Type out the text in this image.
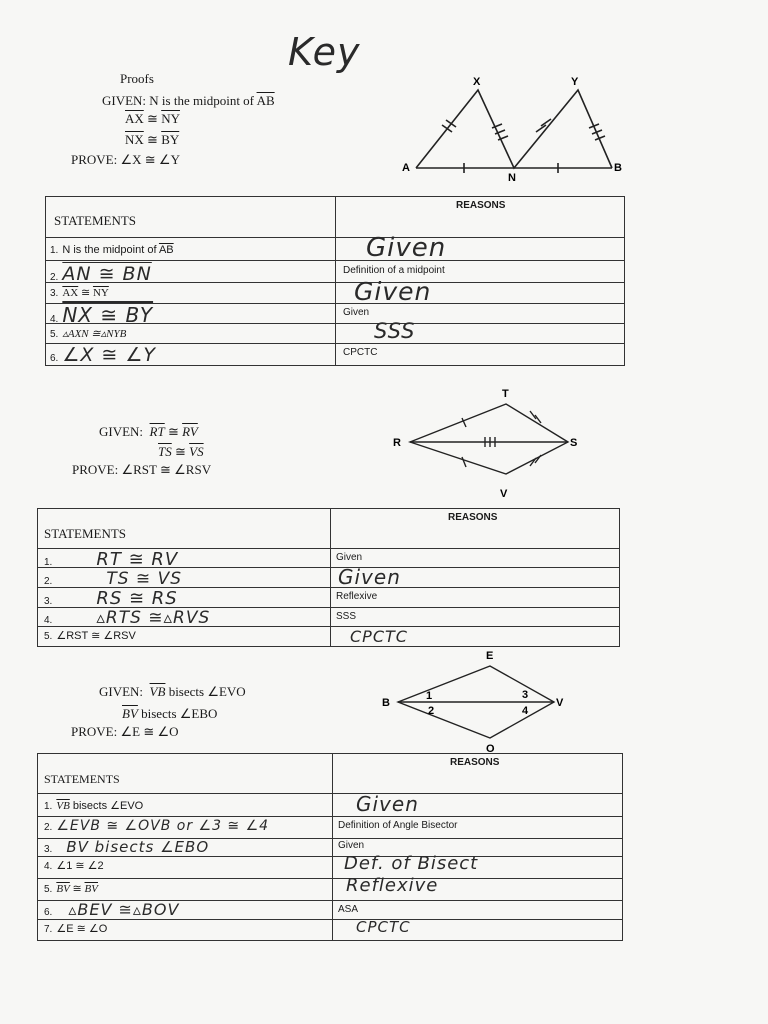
Key
Proofs
GIVEN: N is the midpoint of $\overline{AB}$
$\overline{AX}$ ≅ $\overline{NY}$
$\overline{NX}$ ≅ $\overline{BY}$
PROVE: ∠X ≅ ∠Y
X	Y
A
N
B
STATEMENTS
REASONS
1. N is the midpoint of $\overline{AB}$	Given
2. AN ≅ BN	Definition of a midpoint
3. $\overline{AX}$ ≅ $\overline{NY}$	Given
4. NX ≅ BY	Given
5. ▵AXN ≅▵NYB	SSS
6. ∠X ≅ ∠Y	CPCTC
GIVEN: $\overline{RT}$ ≅ $\overline{RV}$
$\overline{TS}$ ≅ $\overline{VS}$
PROVE: ∠RST ≅ ∠RSV
T
R	S
V
STATEMENTS
REASONS
1. RT ≅ RV	Given
2.	TS ≅ VS	Given
3. RS ≅ RS	Reflexive
4.	▵RTS ≅▵RVS	SSS
5. ∠RST ≅ ∠RSV	CPCTC
GIVEN: $\overline{VB}$ bisects ∠EVO
$\overline{BV}$ bisects ∠EBO
PROVE: ∠E ≅ ∠O
E
B	V
O
1
2
3
4
STATEMENTS
REASONS
1. $\overline{VB}$ bisects ∠EVO	Given
2. ∠EVB ≅ ∠OVB or ∠3 ≅ ∠4	Definition of Angle Bisector
3. BV bisects ∠EBO	Given
4. ∠1 ≅ ∠2	Def. of Bisect
5. $\overline{BV}$ ≅ $\overline{BV}$	Reflexive
6. ▵BEV ≅▵BOV	ASA
7. ∠E ≅ ∠O	CPCTC
